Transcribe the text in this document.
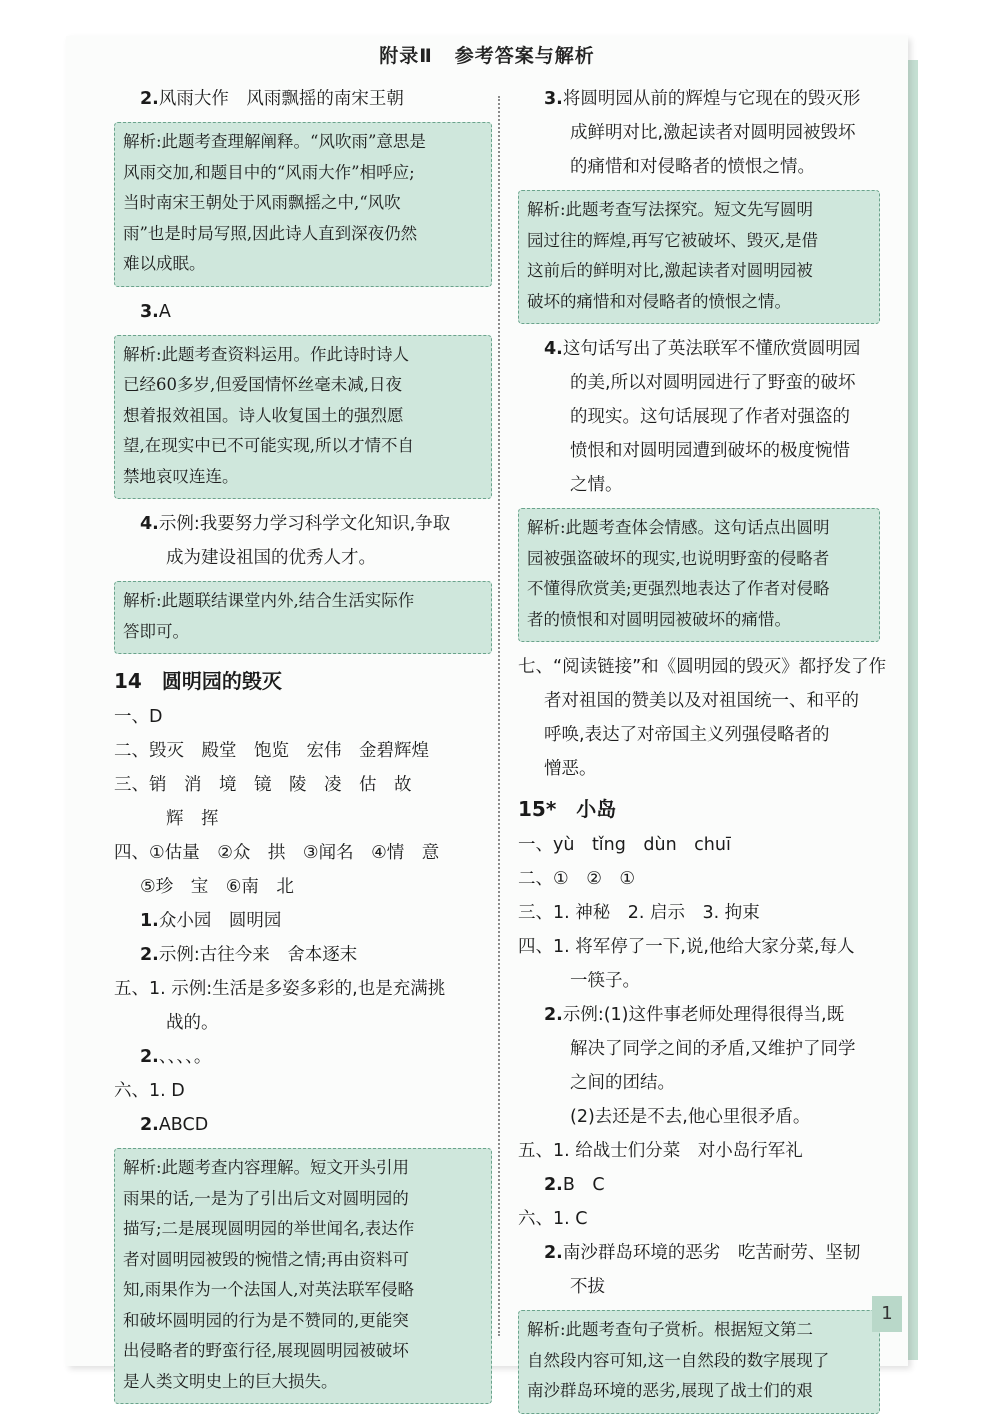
附录Ⅱ 参考答案与解析
2.风雨大作　风雨飘摇的南宋王朝
解析:此题考查理解阐释。“风吹雨”意思是
风雨交加,和题目中的“风雨大作”相呼应;
当时南宋王朝处于风雨飘摇之中,“风吹
雨”也是时局写照,因此诗人直到深夜仍然
难以成眠。
3.A
解析:此题考查资料运用。作此诗时诗人
已经60多岁,但爱国情怀丝毫未减,日夜
想着报效祖国。诗人收复国土的强烈愿
望,在现实中已不可能实现,所以才情不自
禁地哀叹连连。
4.示例:我要努力学习科学文化知识,争取
成为建设祖国的优秀人才。
解析:此题联结课堂内外,结合生活实际作
答即可。
14　圆明园的毁灭
一、D
二、毁灭　殿堂　饱览　宏伟　金碧辉煌
三、销　消　境　镜　陵　凌　估　故
辉　挥
四、①估量　②众　拱　③闻名　④情　意
⑤珍　宝　⑥南　北
1.众小园　圆明园
2.示例:古往今来　舍本逐末
五、1. 示例:生活是多姿多彩的,也是充满挑
战的。
2.、、、、。
六、1. D
2.ABCD
解析:此题考查内容理解。短文开头引用
雨果的话,一是为了引出后文对圆明园的
描写;二是展现圆明园的举世闻名,表达作
者对圆明园被毁的惋惜之情;再由资料可
知,雨果作为一个法国人,对英法联军侵略
和破坏圆明园的行为是不赞同的,更能突
出侵略者的野蛮行径,展现圆明园被破坏
是人类文明史上的巨大损失。
3.将圆明园从前的辉煌与它现在的毁灭形
成鲜明对比,激起读者对圆明园被毁坏
的痛惜和对侵略者的愤恨之情。
解析:此题考查写法探究。短文先写圆明
园过往的辉煌,再写它被破坏、毁灭,是借
这前后的鲜明对比,激起读者对圆明园被
破坏的痛惜和对侵略者的愤恨之情。
4.这句话写出了英法联军不懂欣赏圆明园
的美,所以对圆明园进行了野蛮的破坏
的现实。这句话展现了作者对强盗的
愤恨和对圆明园遭到破坏的极度惋惜
之情。
解析:此题考查体会情感。这句话点出圆明
园被强盗破坏的现实,也说明野蛮的侵略者
不懂得欣赏美;更强烈地表达了作者对侵略
者的愤恨和对圆明园被破坏的痛惜。
七、“阅读链接”和《圆明园的毁灭》都抒发了作
者对祖国的赞美以及对祖国统一、和平的
呼唤,表达了对帝国主义列强侵略者的
憎恶。
15*　小岛
一、yù　tǐng　dùn　chuī
二、①　②　①
三、1. 神秘　2. 启示　3. 拘束
四、1. 将军停了一下,说,他给大家分菜,每人
一筷子。
2.示例:(1)这件事老师处理得很得当,既
解决了同学之间的矛盾,又维护了同学
之间的团结。
(2)去还是不去,他心里很矛盾。
五、1. 给战士们分菜　对小岛行军礼
2.B　C
六、1. C
2.南沙群岛环境的恶劣　吃苦耐劳、坚韧
不拔
解析:此题考查句子赏析。根据短文第二
自然段内容可知,这一自然段的数字展现了
南沙群岛环境的恶劣,展现了战士们的艰
1
